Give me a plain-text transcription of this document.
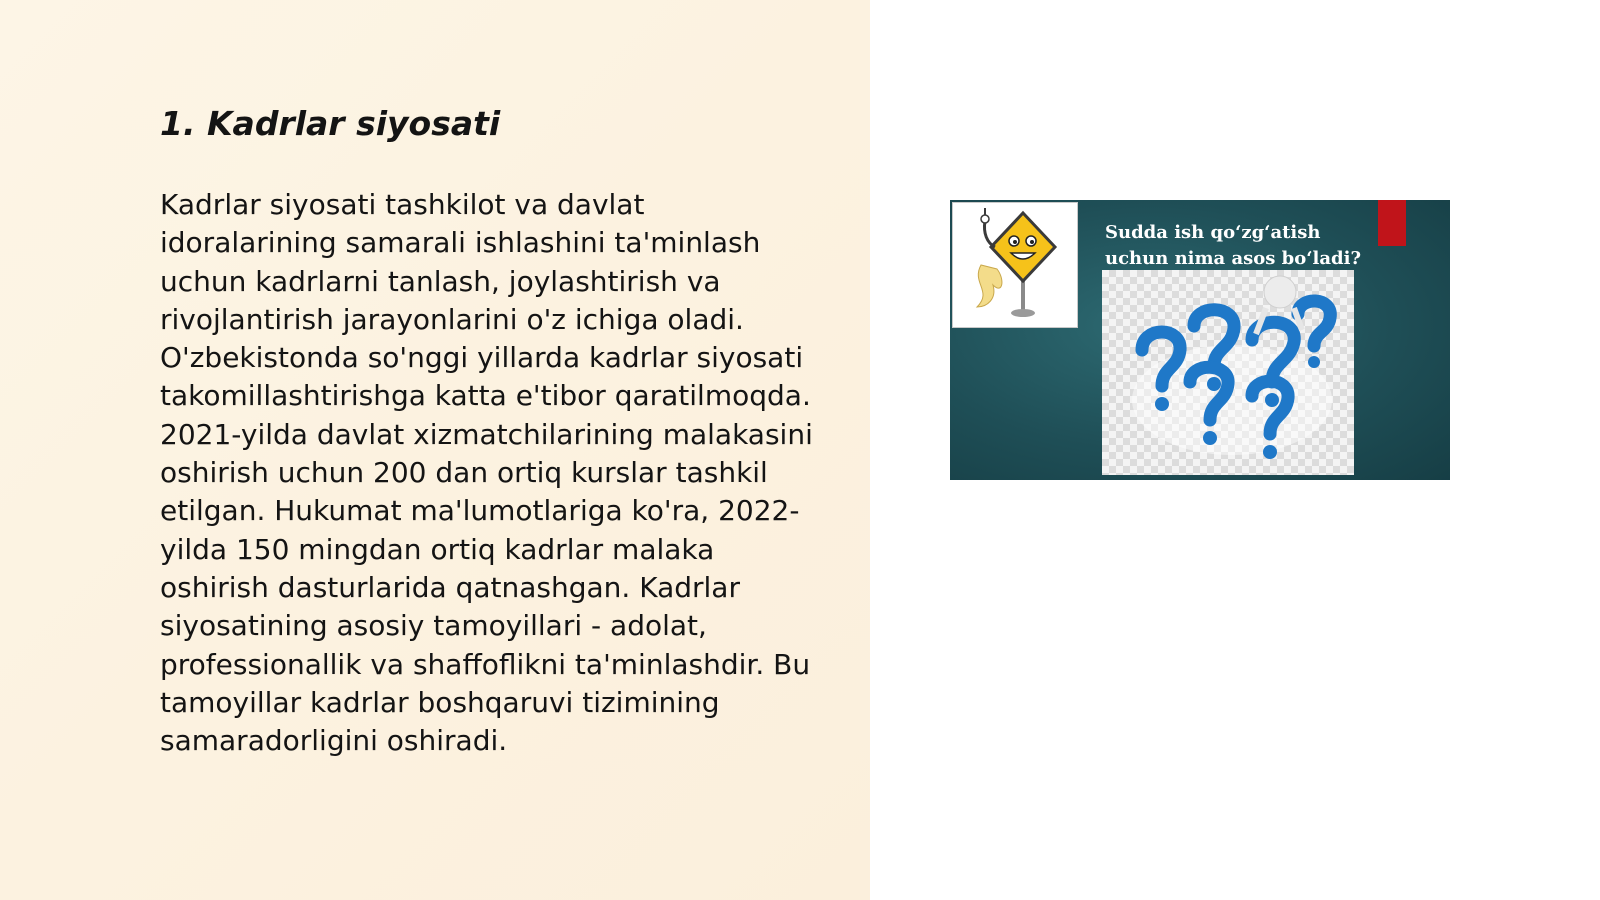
1. Kadrlar siyosati

Kadrlar siyosati tashkilot va davlat idoralarining samarali ishlashini ta'minlash uchun kadrlarni tanlash, joylashtirish va rivojlantirish jarayonlarini o'z ichiga oladi. O'zbekistonda so'nggi yillarda kadrlar siyosati takomillashtirishga katta e'tibor qaratilmoqda. 2021-yilda davlat xizmatchilarining malakasini oshirish uchun 200 dan ortiq kurslar tashkil etilgan. Hukumat ma'lumotlariga ko'ra, 2022-yilda 150 mingdan ortiq kadrlar malaka oshirish dasturlarida qatnashgan. Kadrlar siyosatining asosiy tamoyillari - adolat, professionallik va shaffoflikni ta'minlashdir. Bu tamoyillar kadrlar boshqaruvi tizimining samaradorligini oshiradi.

Sudda ish qo‘zg‘atish uchun nima asos bo‘ladi?
